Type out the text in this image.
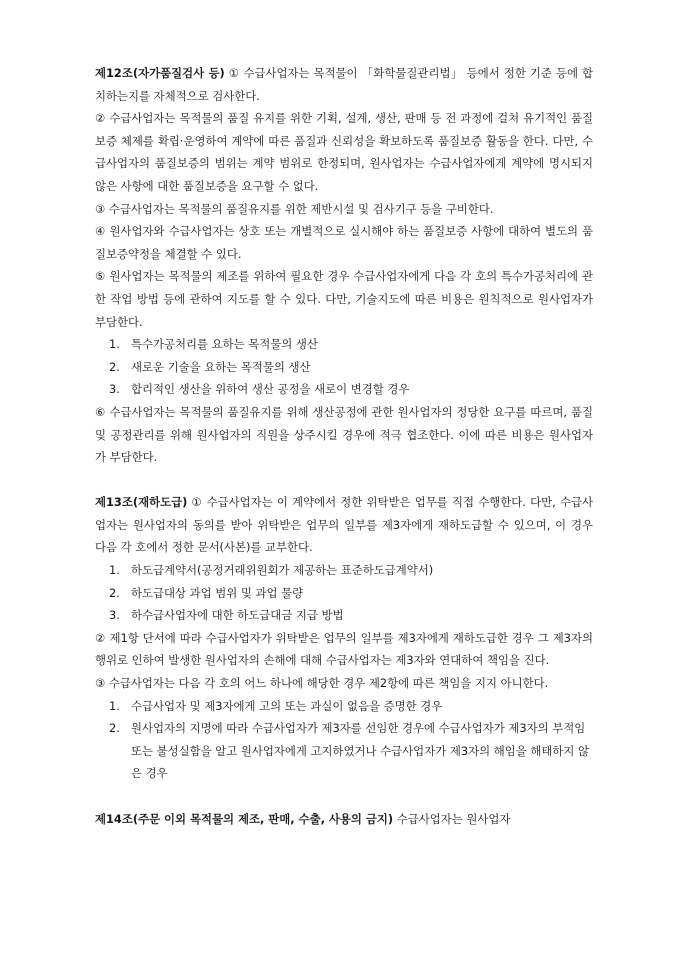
제12조(자가품질검사 등) ① 수급사업자는 목적물이 「화학물질관리법」 등에서 정한 기준 등에 합치하는지를 자체적으로 검사한다.

② 수급사업자는 목적물의 품질 유지를 위한 기획, 설계, 생산, 판매 등 전 과정에 걸쳐 유기적인 품질보증 체제를 확립·운영하여 계약에 따른 품질과 신뢰성을 확보하도록 품질보증 활동을 한다. 다만, 수급사업자의 품질보증의 범위는 계약 범위로 한정되며, 원사업자는 수급사업자에게 계약에 명시되지 않은 사항에 대한 품질보증을 요구할 수 없다.

③ 수급사업자는 목적물의 품질유지를 위한 제반시설 및 검사기구 등을 구비한다.

④ 원사업자와 수급사업자는 상호 또는 개별적으로 실시해야 하는 품질보증 사항에 대하여 별도의 품질보증약정을 체결할 수 있다.

⑤ 원사업자는 목적물의 제조를 위하여 필요한 경우 수급사업자에게 다음 각 호의 특수가공처리에 관한 작업 방법 등에 관하여 지도를 할 수 있다. 다만, 기술지도에 따른 비용은 원칙적으로 원사업자가 부담한다.

1. 특수가공처리를 요하는 목적물의 생산
2. 새로운 기술을 요하는 목적물의 생산
3. 합리적인 생산을 위하여 생산 공정을 새로이 변경할 경우

⑥ 수급사업자는 목적물의 품질유지를 위해 생산공정에 관한 원사업자의 정당한 요구를 따르며, 품질 및 공정관리를 위해 원사업자의 직원을 상주시킬 경우에 적극 협조한다. 이에 따른 비용은 원사업자가 부담한다.

제13조(재하도급) ① 수급사업자는 이 계약에서 정한 위탁받은 업무를 직접 수행한다. 다만, 수급사업자는 원사업자의 동의를 받아 위탁받은 업무의 일부를 제3자에게 재하도급할 수 있으며, 이 경우 다음 각 호에서 정한 문서(사본)를 교부한다.

1. 하도급계약서(공정거래위원회가 제공하는 표준하도급계약서)
2. 하도급대상 과업 범위 및 과업 물량
3. 하수급사업자에 대한 하도급대금 지급 방법

② 제1항 단서에 따라 수급사업자가 위탁받은 업무의 일부를 제3자에게 재하도급한 경우 그 제3자의 행위로 인하여 발생한 원사업자의 손해에 대해 수급사업자는 제3자와 연대하여 책임을 진다.

③ 수급사업자는 다음 각 호의 어느 하나에 해당한 경우 제2항에 따른 책임을 지지 아니한다.

1. 수급사업자 및 제3자에게 고의 또는 과실이 없음을 증명한 경우
2. 원사업자의 지명에 따라 수급사업자가 제3자를 선임한 경우에 수급사업자가 제3자의 부적임 또는 불성실함을 알고 원사업자에게 고지하였거나 수급사업자가 제3자의 해임을 해태하지 않은 경우

제14조(주문 이외 목적물의 제조, 판매, 수출, 사용의 금지) 수급사업자는 원사업자
